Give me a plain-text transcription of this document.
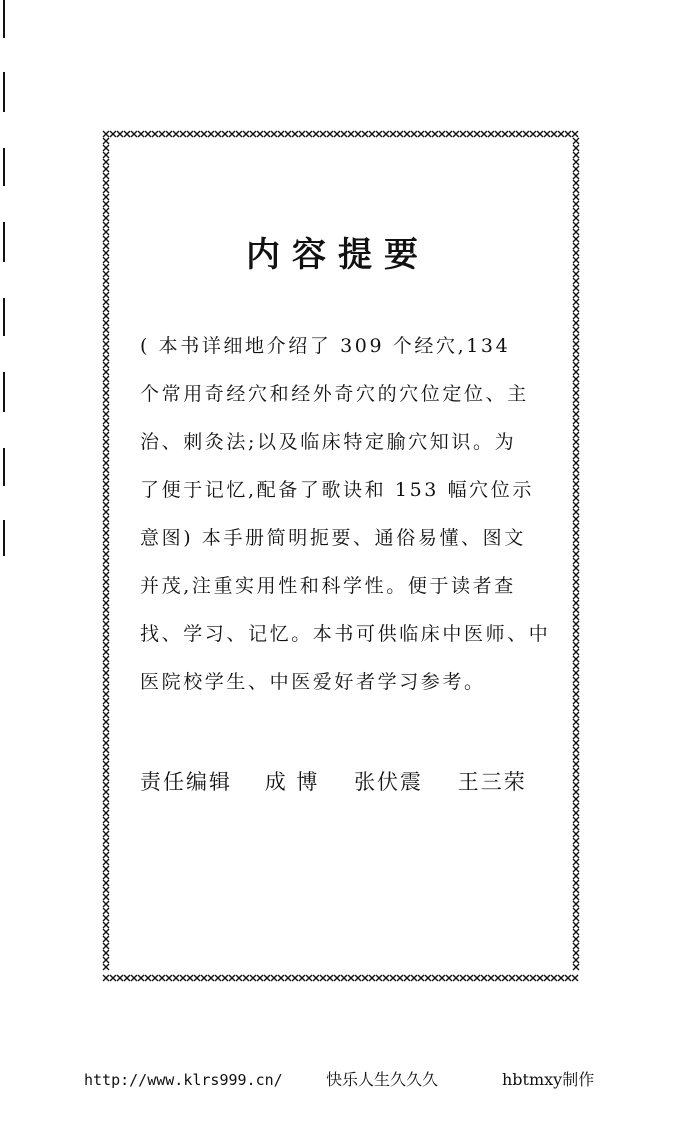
内容提要
( 本书详细地介绍了 309 个经穴,134
个常用奇经穴和经外奇穴的穴位定位、主
治、刺灸法;以及临床特定腧穴知识。为
了便于记忆,配备了歌诀和 153 幅穴位示
意图) 本手册简明扼要、通俗易懂、图文
并茂,注重实用性和科学性。便于读者查
找、学习、记忆。本书可供临床中医师、中
医院校学生、中医爱好者学习参考。
责任编辑 成 博 张伏震 王三荣
http://www.klrs999.cn/	快乐人生久久久	hbtmxy制作
